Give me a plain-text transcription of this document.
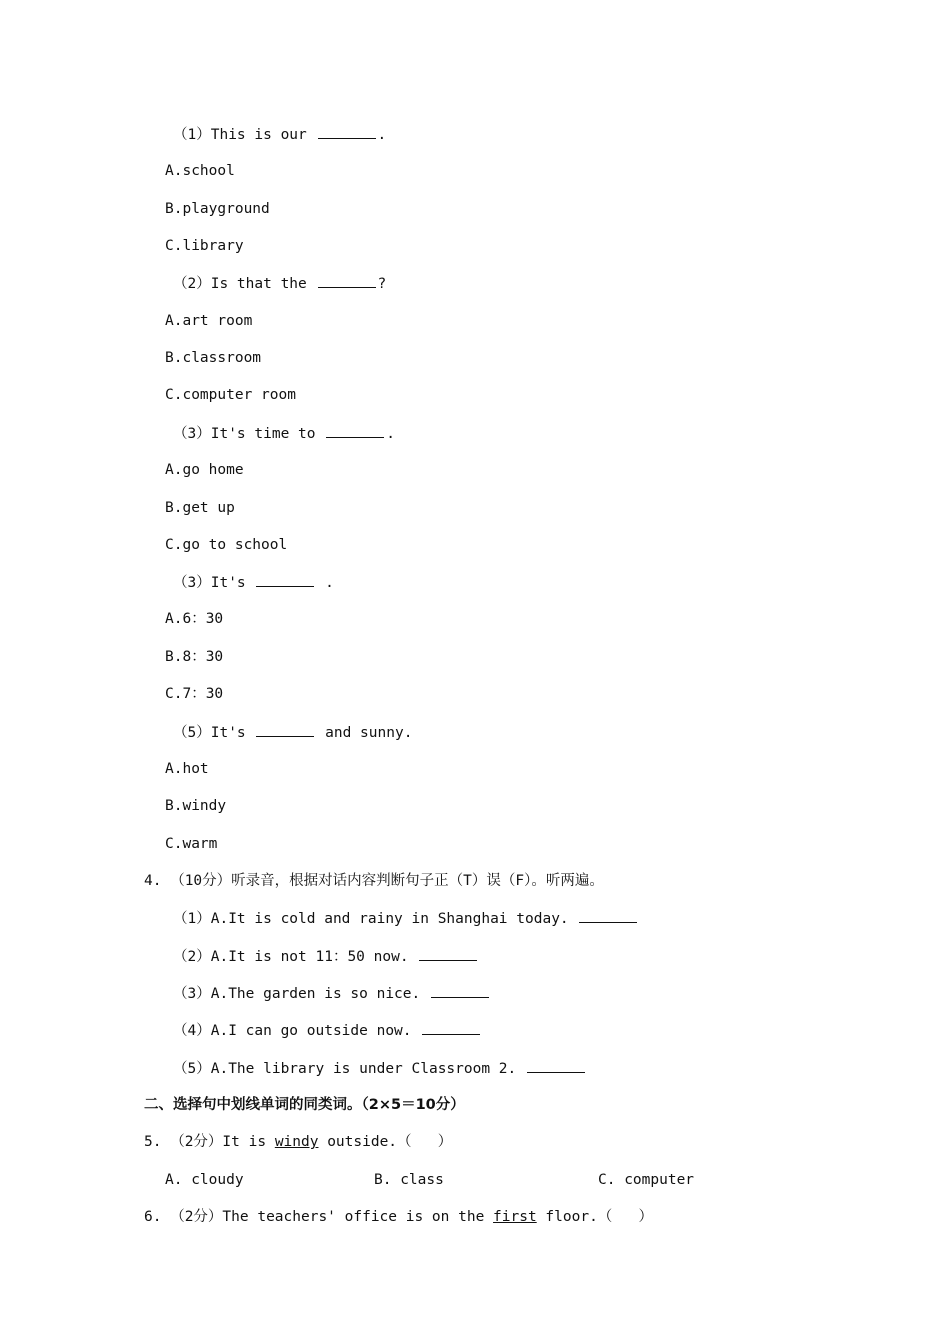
（1）This is our	.
A.school
B.playground
C.library
（2）Is that the	?
A.art room
B.classroom
C.computer room
（3）It's time to	.
A.go home
B.get up
C.go to school
（3）It's	.
A.6：30
B.8：30
C.7：30
（5）It's	and sunny.
A.hot
B.windy
C.warm
4. （10分）听录音，根据对话内容判断句子正（T）误（F）。听两遍。
（1）A.It is cold and rainy in Shanghai today.
（2）A.It is not 11：50 now.
（3）A.The garden is so nice.
（4）A.I can go outside now.
（5）A.The library is under Classroom 2.
二、选择句中划线单词的同类词。（2×5＝10分）
5. （2分）It is windy outside.（   ）
A. cloudy	B. class	C. computer
6. （2分）The teachers' office is on the first floor.（   ）
